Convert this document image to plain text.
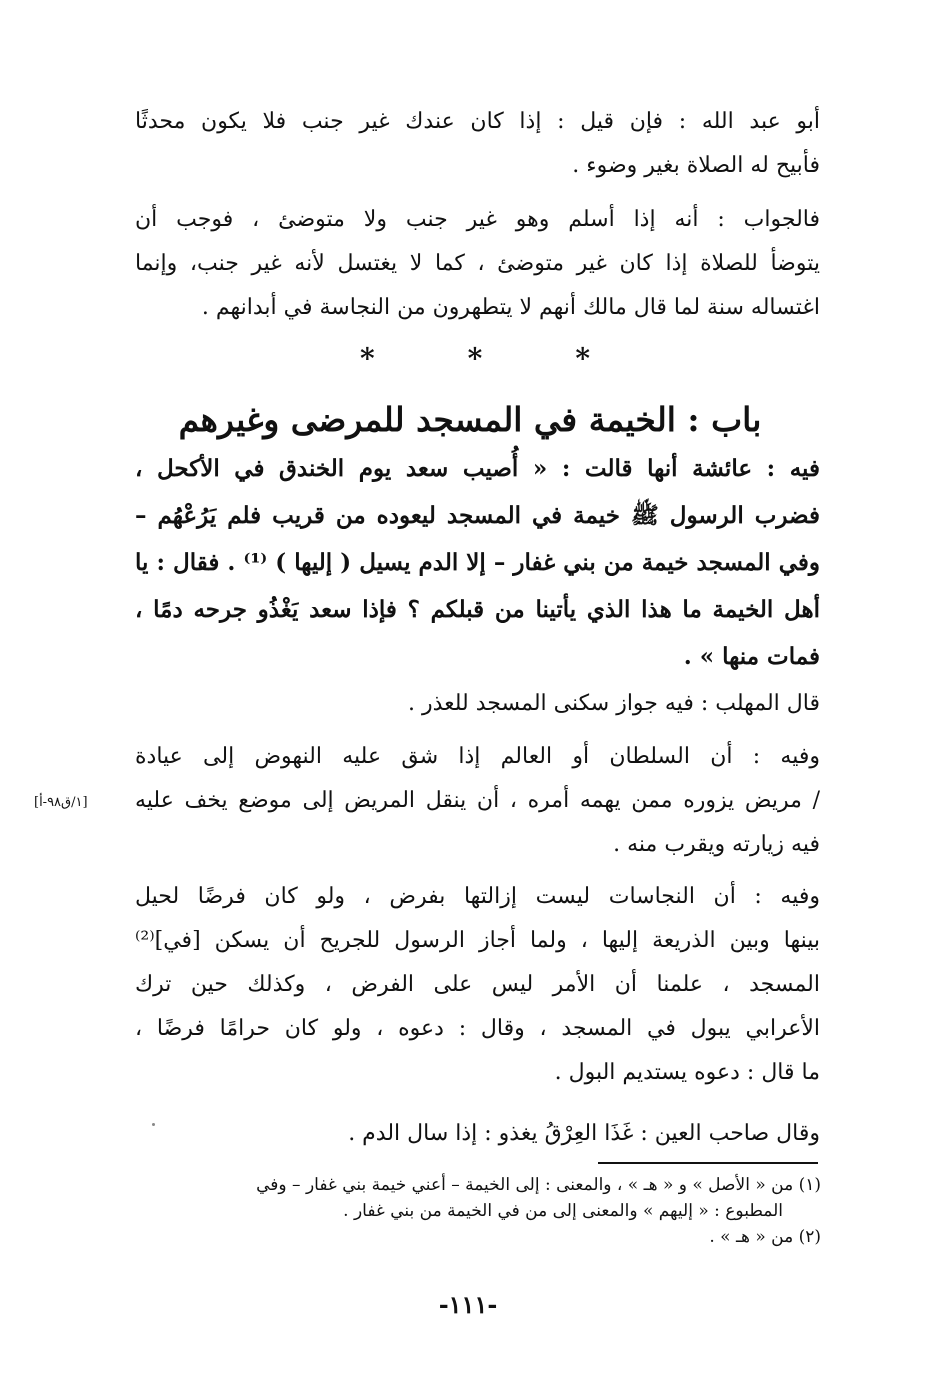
أبو عبد الله : فإن قيل : إذا كان عندك غير جنب فلا يكون محدثًا
فأبيح له الصلاة بغير وضوء .
فالجواب : أنه إذا أسلم وهو غير جنب ولا متوضئ ، فوجب أن
يتوضأ للصلاة إذا كان غير متوضئ ، كما لا يغتسل لأنه غير جنب، وإنما
اغتساله سنة لما قال مالك أنهم لا يتطهرون من النجاسة في أبدانهم .
*	*	*
باب : الخيمة في المسجد للمرضى وغيرهم
فيه : عائشة أنها قالت : « أُصيب سعد يوم الخندق في الأكحل ،
فضرب الرسول ﷺ خيمة في المسجد ليعوده من قريب فلم يَرُعْهُم –
وفي المسجد خيمة من بني غفار – إلا الدم يسيل ( إليها ) ⁽¹⁾ . فقال : يا
أهل الخيمة ما هذا الذي يأتينا من قبلكم ؟ فإذا سعد يَغْذُو جرحه دمًا ،
فمات منها » .
قال المهلب : فيه جواز سكنى المسجد للعذر .
وفيه : أن السلطان أو العالم إذا شق عليه النهوض إلى عيادة
/ مريض يزوره ممن يهمه أمره ، أن ينقل المريض إلى موضع يخف عليه
فيه زيارته ويقرب منه .
[١/ق٩٨-أ]
وفيه : أن النجاسات ليست إزالتها بفرض ، ولو كان فرضًا لحيل
بينها وبين الذريعة إليها ، ولما أجاز الرسول للجريح أن يسكن [في]⁽²⁾
المسجد ، علمنا أن الأمر ليس على الفرض ، وكذلك حين ترك
الأعرابي يبول في المسجد ، وقال : دعوه ، ولو كان حرامًا فرضًا ،
ما قال : دعوه يستديم البول .
وقال صاحب العين : غَذَا العِرْقُ يغذو : إذا سال الدم .
(١) من « الأصل » و « هـ » ، والمعنى : إلى الخيمة – أعني خيمة بني غفار – وفي
المطبوع : « إليهم » والمعنى إلى من في الخيمة من بني غفار .
(٢) من « هـ » .
-١١١-
